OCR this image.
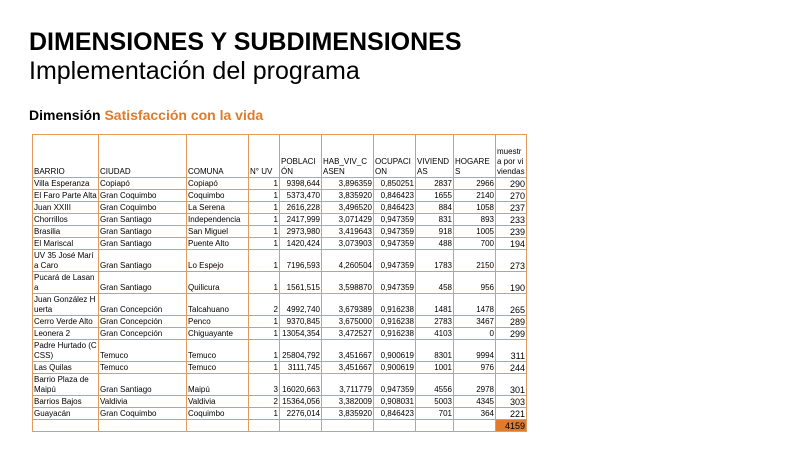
DIMENSIONES Y SUBDIMENSIONES
Implementación del programa
Dimensión Satisfacción con la vida
BARRIO	CIUDAD	COMUNA	N° UV	POBLACIÓN	HAB_VIV_CASEN	OCUPACION	VIVIENDAS	HOGARES	muestra por viviendas
Villa Esperanza	Copiapó	Copiapó	1	9398,644	3,896359	0,850251	2837	2966	290
El Faro Parte Alta	Gran Coquimbo	Coquimbo	1	5373,470	3,835920	0,846423	1655	2140	270
Juan XXIII	Gran Coquimbo	La Serena	1	2616,228	3,496520	0,846423	884	1058	237
Chorrillos	Gran Santiago	Independencia	1	2417,999	3,071429	0,947359	831	893	233
Brasilia	Gran Santiago	San Miguel	1	2973,980	3,419643	0,947359	918	1005	239
El Mariscal	Gran Santiago	Puente Alto	1	1420,424	3,073903	0,947359	488	700	194
UV 35 José María Caro	Gran Santiago	Lo Espejo	1	7196,593	4,260504	0,947359	1783	2150	273
Pucará de Lasana	Gran Santiago	Quilicura	1	1561,515	3,598870	0,947359	458	956	190
Juan González Huerta	Gran Concepción	Talcahuano	2	4992,740	3,679389	0,916238	1481	1478	265
Cerro Verde Alto	Gran Concepción	Penco	1	9370,845	3,675000	0,916238	2783	3467	289
Leonera 2	Gran Concepción	Chiguayante	1	13054,354	3,472527	0,916238	4103	0	299
Padre Hurtado (CCSS)	Temuco	Temuco	1	25804,792	3,451667	0,900619	8301	9994	311
Las Quilas	Temuco	Temuco	1	3111,745	3,451667	0,900619	1001	976	244
Barrio Plaza de Maipú	Gran Santiago	Maipú	3	16020,663	3,711779	0,947359	4556	2978	301
Barrios Bajos	Valdivia	Valdivia	2	15364,056	3,382009	0,908031	5003	4345	303
Guayacán	Gran Coquimbo	Coquimbo	1	2276,014	3,835920	0,846423	701	364	221
									4159
